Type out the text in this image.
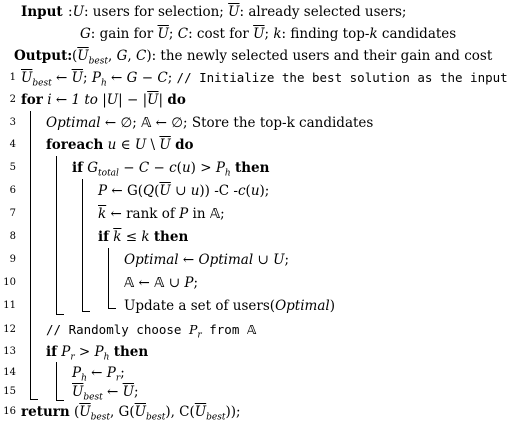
Input :U: users for selection; $\overline{U}$: already selected users;
G: gain for $\overline{U}$; C: cost for $\overline{U}$; k: finding top-k candidates
Output: ($\overline{U}_{best}$, G, C): the newly selected users and their gain and cost
1 $\overline{U}_{best}$ ← $\overline{U}$; $P_h$ ← G − C; // Initialize the best solution as the input
2 for i ← 1 to $|U| - |\overline{U}|$ do
3 Optimal ← ∅; 𝔸 ← ∅; Store the top-k candidates
4 foreach u ∈ U \ $\overline{U}$ do
5	if $G_{total} - C - c(u) > P_h$ then
6	P ← $G(Q(\overline{U}$ ∪ u)) -C -c(u);
7	$\overline{k}$ ← rank of P in 𝔸;
8	if $\overline{k} \le k$ then
9	Optimal ← Optimal ∪ U;
10	𝔸 ← 𝔸 ∪ P;
11	Update a set of users(Optimal)
12 // Randomly choose $P_r$ from 𝔸
13 if $P_r > P_h$ then
14	$P_h$ ← $P_r$;
15	$\overline{U}_{best}$ ← $\overline{U}$;
16 return ($\overline{U}_{best}$, $G(\overline{U}_{best})$, $C(\overline{U}_{best})$);
